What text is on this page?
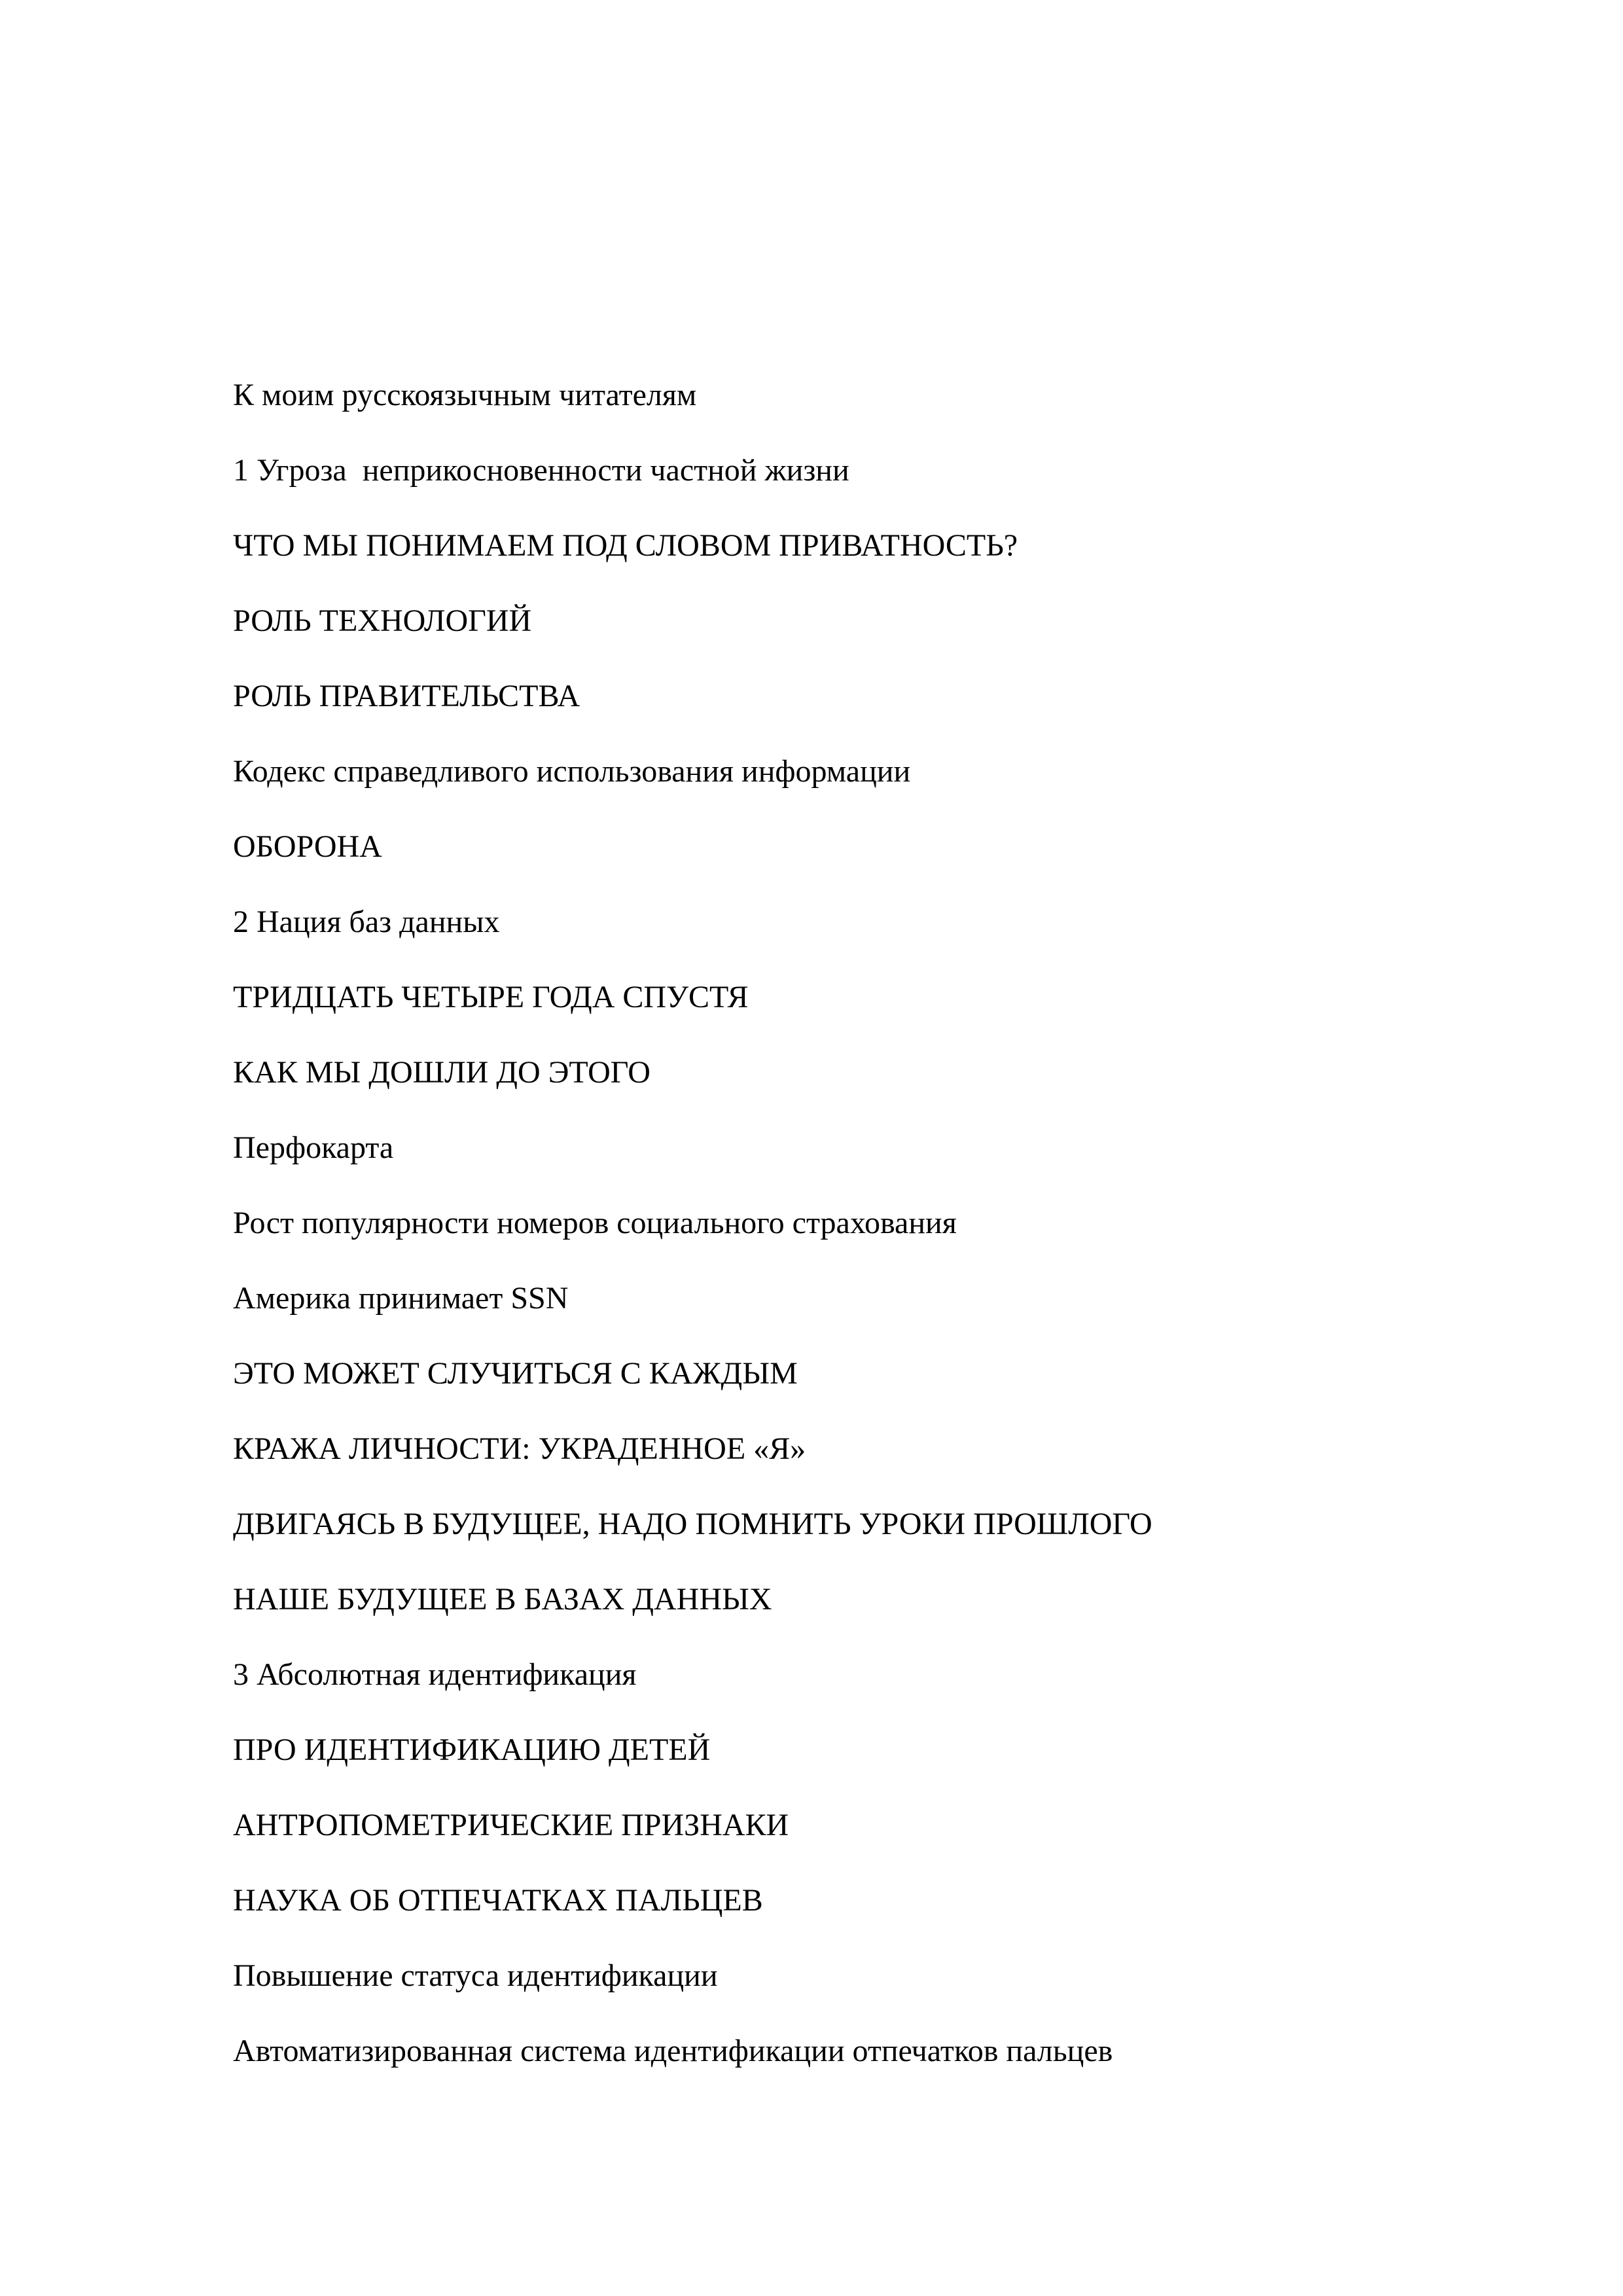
К моим русскоязычным читателям
1 Угроза  неприкосновенности частной жизни
ЧТО МЫ ПОНИМАЕМ ПОД СЛОВОМ ПРИВАТНОСТЬ?
РОЛЬ ТЕХНОЛОГИЙ
РОЛЬ ПРАВИТЕЛЬСТВА
Кодекс справедливого использования информации
ОБОРОНА
2 Нация баз данных
ТРИДЦАТЬ ЧЕТЫРЕ ГОДА СПУСТЯ
КАК МЫ ДОШЛИ ДО ЭТОГО
Перфокарта
Рост популярности номеров социального страхования
Америка принимает SSN
ЭТО МОЖЕТ СЛУЧИТЬСЯ С КАЖДЫМ
КРАЖА ЛИЧНОСТИ: УКРАДЕННОЕ «Я»
ДВИГАЯСЬ В БУДУЩЕЕ, НАДО ПОМНИТЬ УРОКИ ПРОШЛОГО
НАШЕ БУДУЩЕЕ В БАЗАХ ДАННЫХ
3 Абсолютная идентификация
ПРО ИДЕНТИФИКАЦИЮ ДЕТЕЙ
АНТРОПОМЕТРИЧЕСКИЕ ПРИЗНАКИ
НАУКА ОБ ОТПЕЧАТКАХ ПАЛЬЦЕВ
Повышение статуса идентификации
Автоматизированная система идентификации отпечатков пальцев
